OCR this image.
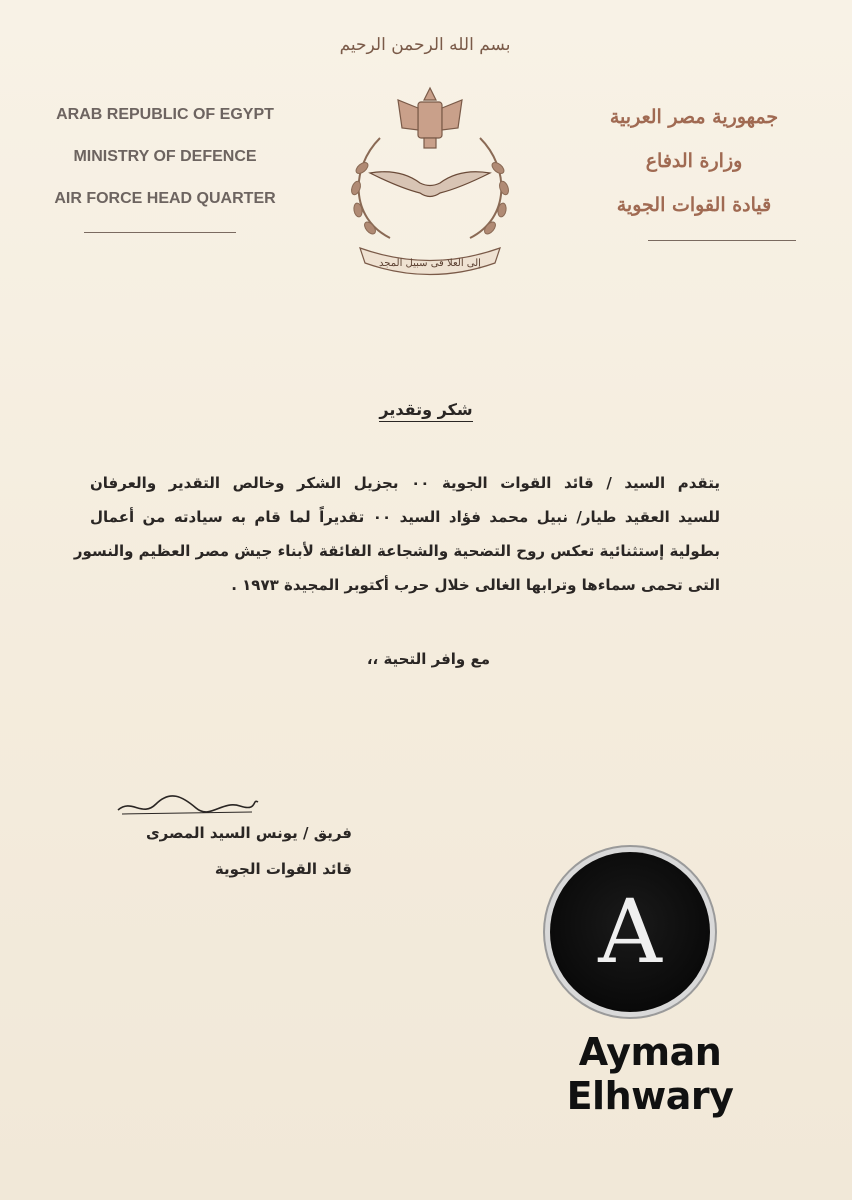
ARAB REPUBLIC OF EGYPT
MINISTRY OF DEFENCE
AIR FORCE HEAD QUARTER
بسم الله الرحمن الرحيم
إلى العلا فى سبيل المجد
جمهورية مصر العربية
وزارة الدفاع
قيادة القوات الجوية
شكر وتقدير
يتقدم السيد / قائد القوات الجوية ٠٠ بجزيل الشكر وخالص التقدير والعرفان
للسيد العقيد طيار/ نبيل محمد فؤاد السيد ٠٠ تقديراً لما قام به سيادته من أعمال
بطولية إستثنائية تعكس روح التضحية والشجاعة الفائقة لأبناء جيش مصر العظيم والنسور
التى تحمى سماءها وترابها الغالى خلال حرب أكتوبر المجيدة ١٩٧٣ .
مع وافر التحية ،،
فريق / يونس السيد المصرى
قائد القوات الجوية
A
Ayman Elhwary
